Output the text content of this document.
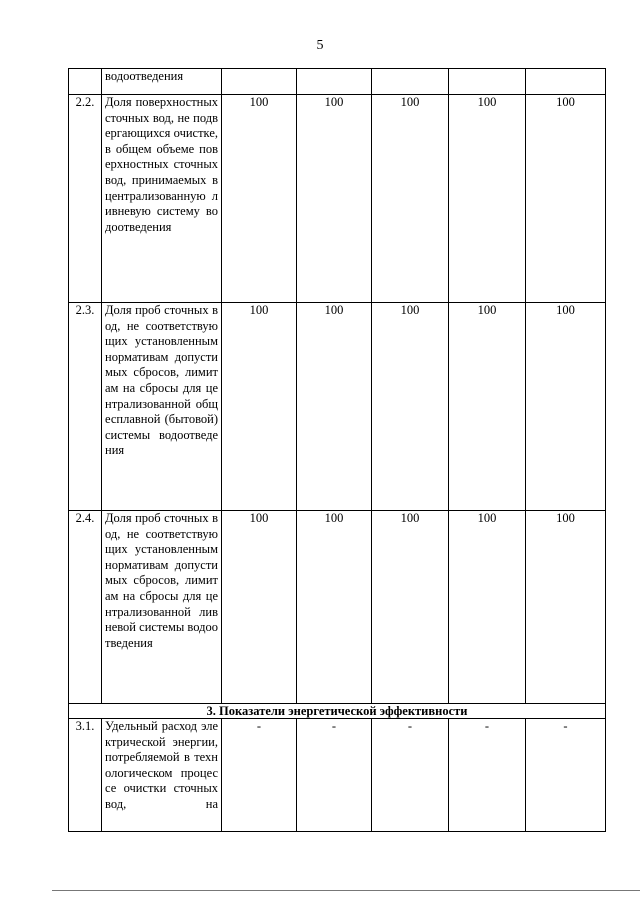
5
	водоотведения					
2.2.	Доля поверхностных сточных вод, не подвергающихся очистке, в общем объеме поверхностных сточных вод, принимаемых в централизованную ливневую систему водоотведения	100	100	100	100	100
2.3.	Доля проб сточных вод, не соответствующих установленным нормативам допустимых сбросов, лимитам на сбросы для централизованной общесплавной (бытовой) системы водоотведения	100	100	100	100	100
2.4.	Доля проб сточных вод, не соответствующих установленным нормативам допустимых сбросов, лимитам на сбросы для централизованной ливневой системы водоотведения	100	100	100	100	100
3. Показатели энергетической эффективности						
3.1.	Удельный расход электрической энергии, потребляемой в технологическом процессе очистки сточных вод, на	-	-	-	-	-
